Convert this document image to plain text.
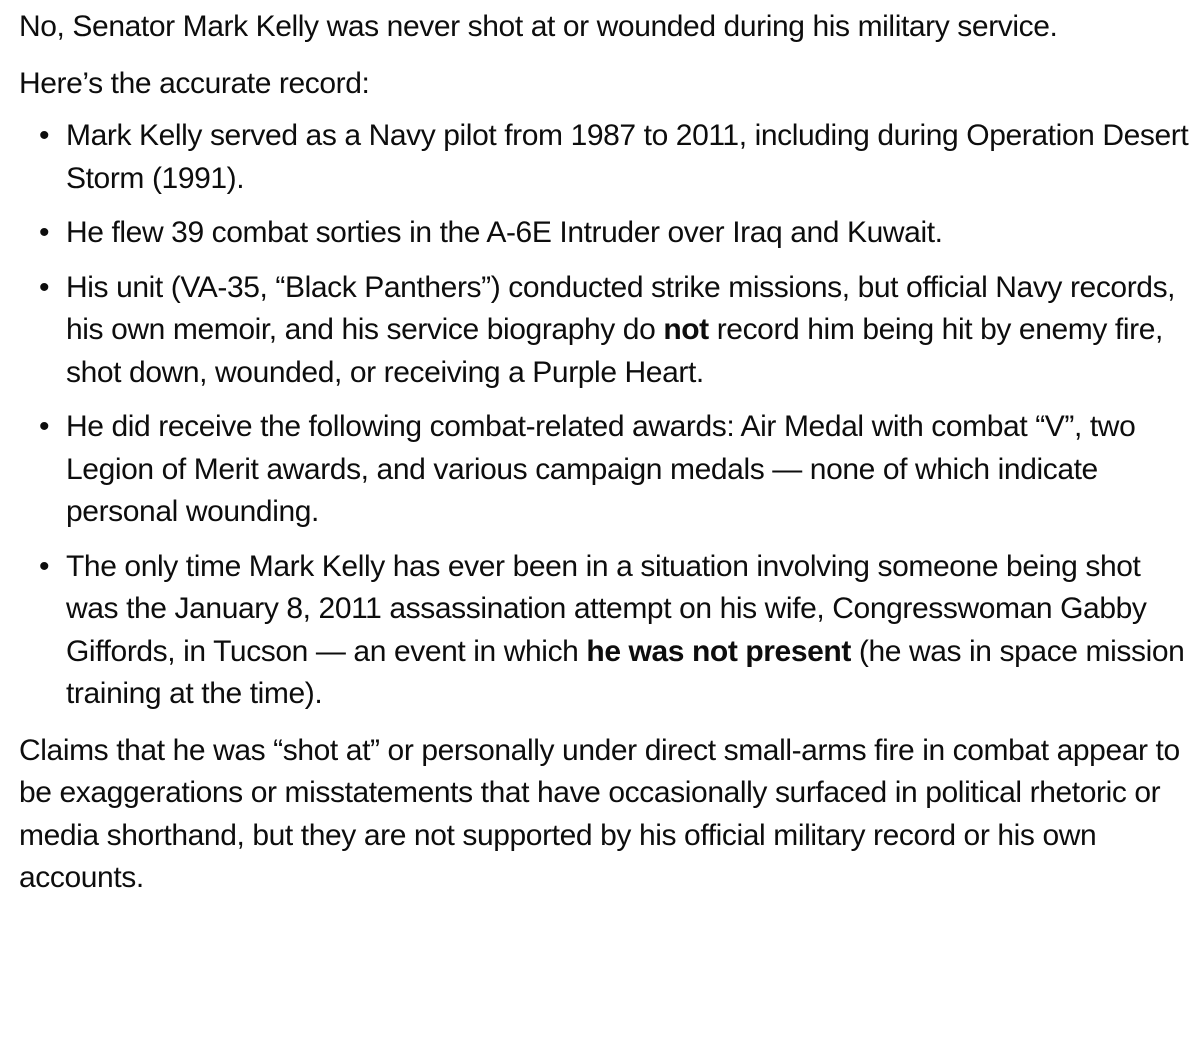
No, Senator Mark Kelly was never shot at or wounded during his military service.

Here’s the accurate record:

• Mark Kelly served as a Navy pilot from 1987 to 2011, including during Operation Desert Storm (1991).
• He flew 39 combat sorties in the A-6E Intruder over Iraq and Kuwait.
• His unit (VA-35, “Black Panthers”) conducted strike missions, but official Navy records, his own memoir, and his service biography do not record him being hit by enemy fire, shot down, wounded, or receiving a Purple Heart.
• He did receive the following combat-related awards: Air Medal with combat “V”, two Legion of Merit awards, and various campaign medals — none of which indicate personal wounding.
• The only time Mark Kelly has ever been in a situation involving someone being shot was the January 8, 2011 assassination attempt on his wife, Congresswoman Gabby Giffords, in Tucson — an event in which he was not present (he was in space mission training at the time).

Claims that he was “shot at” or personally under direct small-arms fire in combat appear to be exaggerations or misstatements that have occasionally surfaced in political rhetoric or media shorthand, but they are not supported by his official military record or his own accounts.
